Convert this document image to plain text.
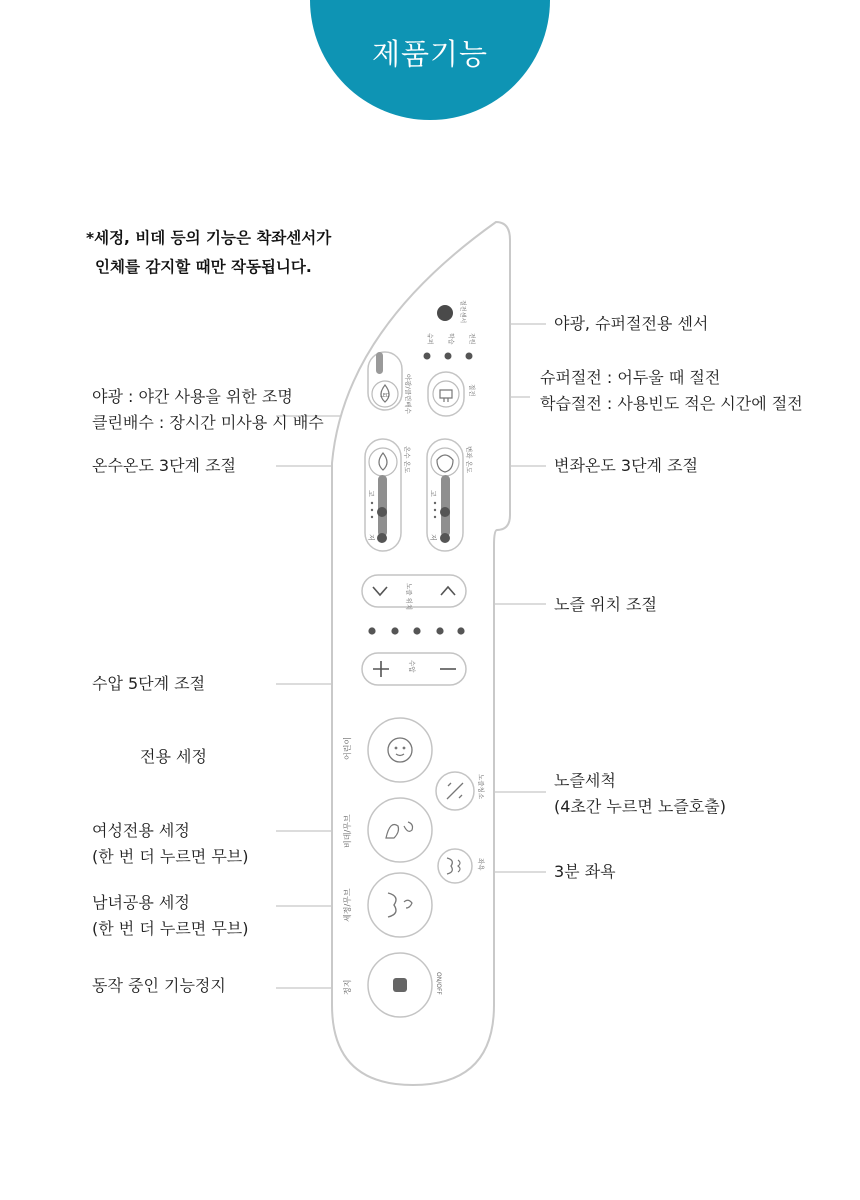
제품기능
*세정, 비데 등의 기능은 착좌센서가
인체를 감지할 때만 작동됩니다.
절전센서
슈퍼 학습 전원
LED 야광/클린배수	절전
온수 온도
고
저
변좌 온도
고
저
노즐 위치
수압
어린이
비데/무브
세정/무브
정지	ON/OFF
노즐청소
좌욕
야광 : 야간 사용을 위한 조명
클린배수 : 장시간 미사용 시 배수
온수온도 3단계 조절
수압 5단계 조절
전용 세정
여성전용 세정
(한 번 더 누르면 무브)
남녀공용 세정
(한 번 더 누르면 무브)
동작 중인 기능정지
야광, 슈퍼절전용 센서
슈퍼절전 : 어두울 때 절전
학습절전 : 사용빈도 적은 시간에 절전
변좌온도 3단계 조절
노즐 위치 조절
노즐세척
(4초간 누르면 노즐호출)
3분 좌욕
